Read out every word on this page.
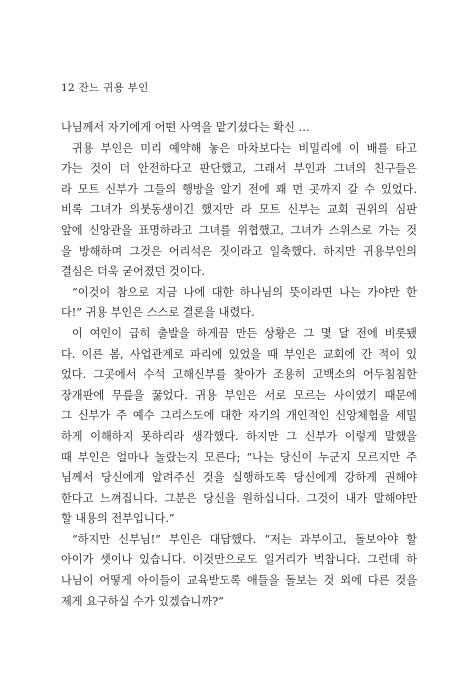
12 잔느 귀용 부인
나님께서 자기에게 어떤 사역을 맡기셨다는 확신 …
귀용 부인은 미리 예약해 놓은 마차보다는 비밀리에 이 배를 타고
가는 것이 더 안전하다고 판단했고, 그래서 부인과 그녀의 친구들은
라 모트 신부가 그들의 행방을 알기 전에 꽤 먼 곳까지 갈 수 있었다.
비록 그녀가 의붓동생이긴 했지만 라 모트 신부는 교회 권위의 심판
앞에 신앙관을 표명하라고 그녀를 위협했고, 그녀가 스위스로 가는 것
을 방해하며 그것은 어리석은 짓이라고 일축했다. 하지만 귀용부인의
결심은 더욱 굳어졌던 것이다.
“이것이 참으로 지금 나에 대한 하나님의 뜻이라면 나는 가야만 한
다!” 귀용 부인은 스스로 결론을 내렸다.
이 여인이 급히 출발을 하게끔 만든 상황은 그 몇 달 전에 비롯됐
다. 이른 봄, 사업관계로 파리에 있었을 때 부인은 교회에 간 적이 있
었다. 그곳에서 수석 고해신부를 찾아가 조용히 고백소의 어두침침한
장개판에 무릎을 꿇었다. 귀용 부인은 서로 모르는 사이였기 때문에
그 신부가 주 예수 그리스도에 대한 자기의 개인적인 신앙체험을 세밀
하게 이해하지 못하리라 생각했다. 하지만 그 신부가 이렇게 말했을
때 부인은 얼마나 놀랐는지 모른다; “나는 당신이 누군지 모르지만 주
님께서 당신에게 알려주신 것을 실행하도록 당신에게 강하게 권해야
한다고 느껴집니다. 그분은 당신을 원하십니다. 그것이 내가 말해야만
할 내용의 전부입니다.”
“하지만 신부님!” 부인은 대답했다. “저는 과부이고, 돌보아야 할
아이가 셋이나 있습니다. 이것만으로도 일거리가 벅찹니다. 그런데 하
나님이 어떻게 아이들이 교육받도록 애들을 돌보는 것 외에 다른 것을
제게 요구하실 수가 있겠습니까?”
